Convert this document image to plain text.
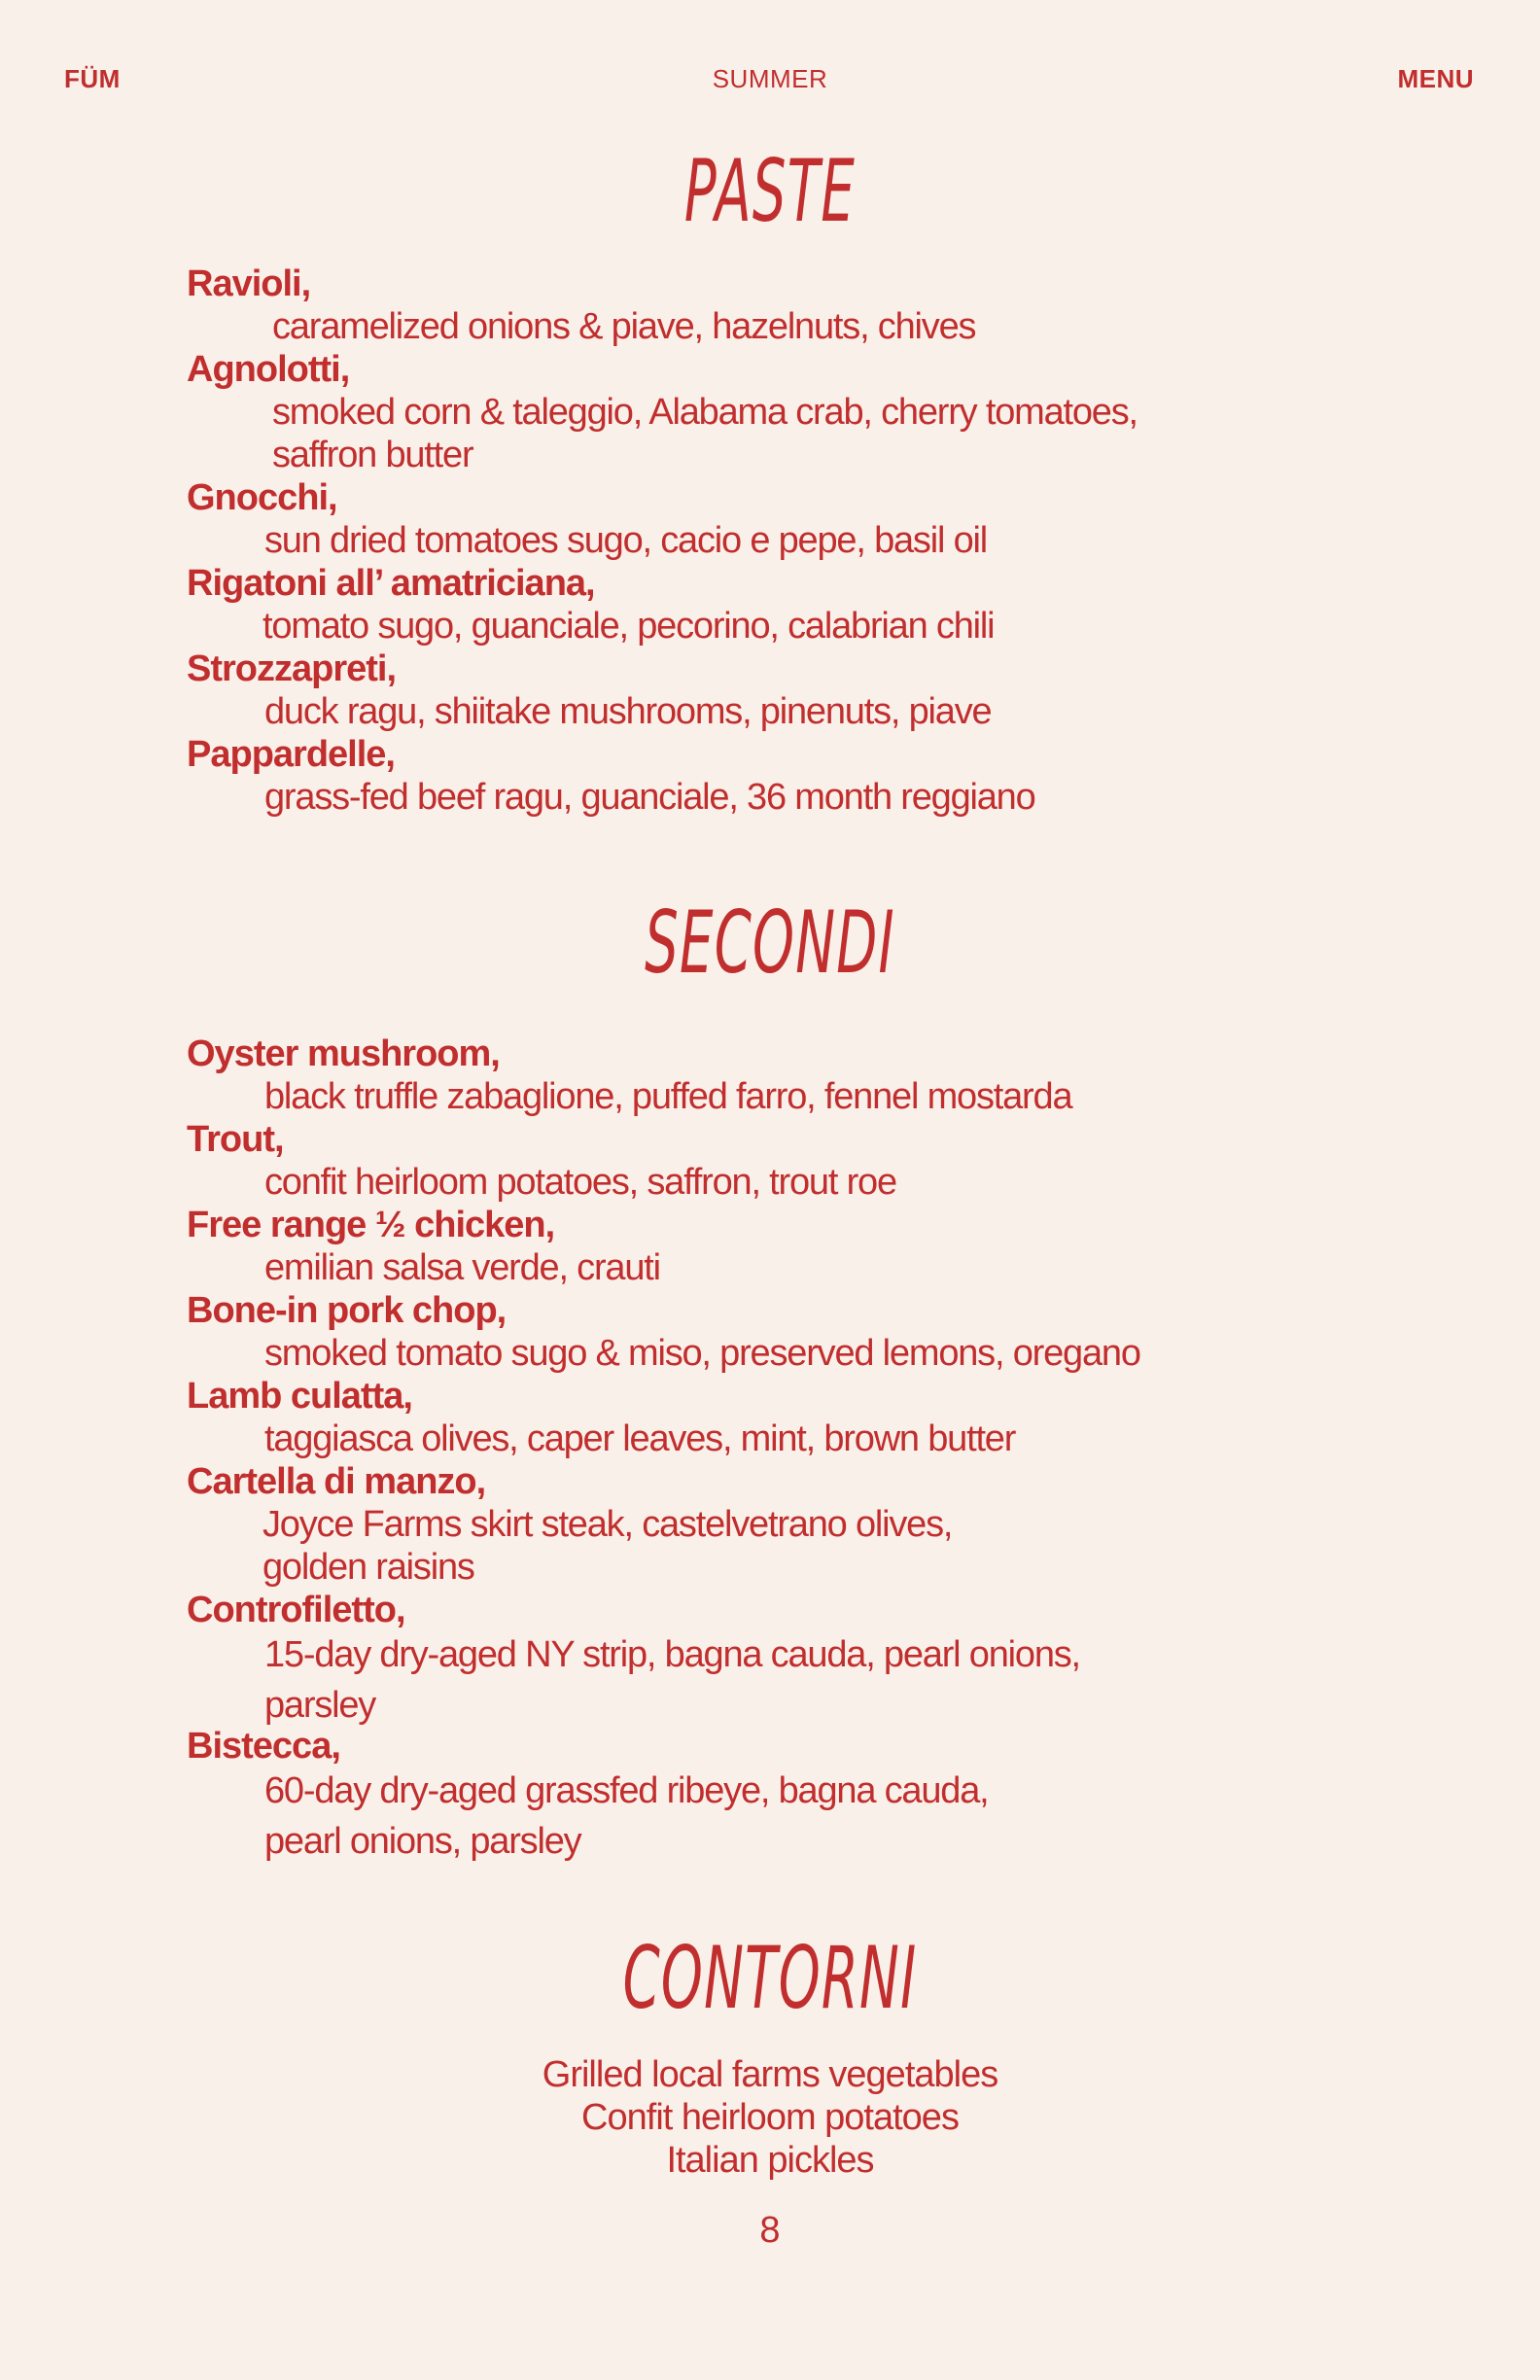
FÜM	SUMMER	MENU
PASTE
Ravioli,
caramelized onions & piave, hazelnuts, chives
Agnolotti,
smoked corn & taleggio, Alabama crab, cherry tomatoes,
saffron butter
Gnocchi,
sun dried tomatoes sugo, cacio e pepe, basil oil
Rigatoni all’ amatriciana,
tomato sugo, guanciale, pecorino, calabrian chili
Strozzapreti,
duck ragu, shiitake mushrooms, pinenuts, piave
Pappardelle,
grass-fed beef ragu, guanciale, 36 month reggiano
SECONDI
Oyster mushroom,
black truffle zabaglione, puffed farro, fennel mostarda
Trout,
confit heirloom potatoes, saffron, trout roe
Free range ½ chicken,
emilian salsa verde, crauti
Bone-in pork chop,
smoked tomato sugo & miso, preserved lemons, oregano
Lamb culatta,
taggiasca olives, caper leaves, mint, brown butter
Cartella di manzo,
Joyce Farms skirt steak, castelvetrano olives,
golden raisins
Controfiletto,
15-day dry-aged NY strip, bagna cauda, pearl onions,
parsley
Bistecca,
60-day dry-aged grassfed ribeye, bagna cauda,
pearl onions, parsley
CONTORNI
Grilled local farms vegetables
Confit heirloom potatoes
Italian pickles
8
